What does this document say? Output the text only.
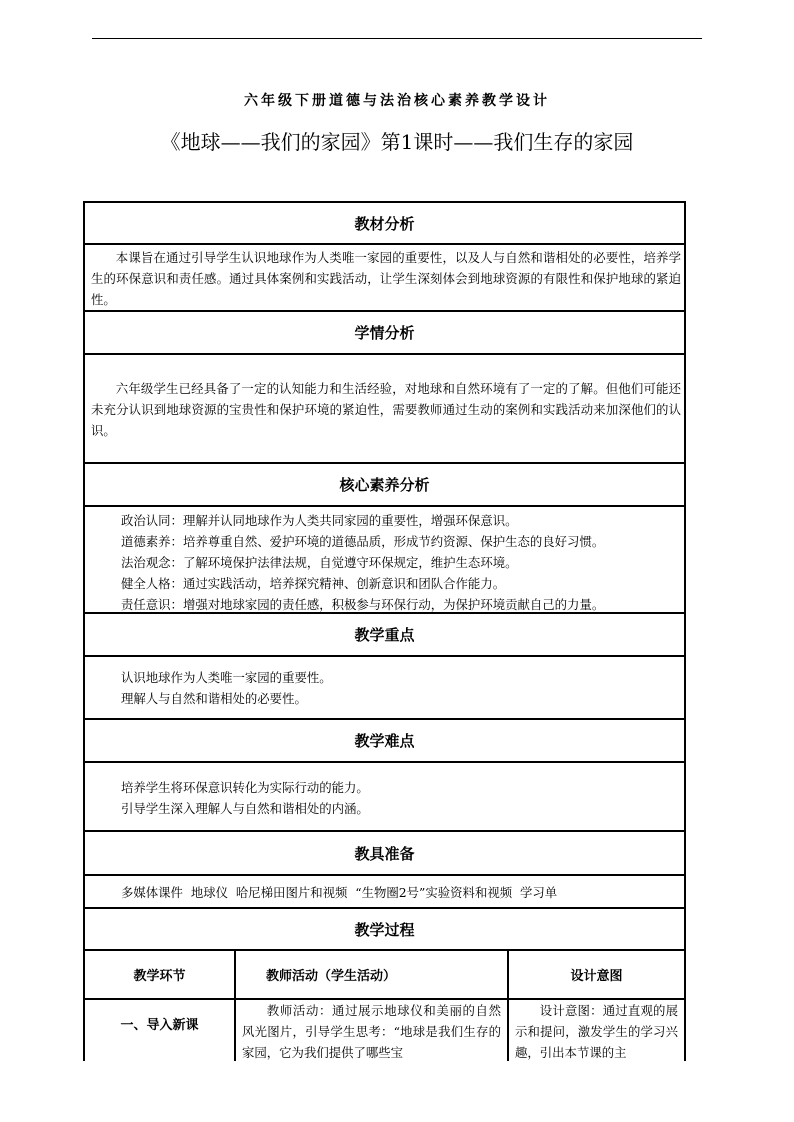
六年级下册道德与法治核心素养教学设计
《地球——我们的家园》第1课时——我们生存的家园
教材分析
本课旨在通过引导学生认识地球作为人类唯一家园的重要性，以及人与自然和谐相处的必要性，培养学生的环保意识和责任感。通过具体案例和实践活动，让学生深刻体会到地球资源的有限性和保护地球的紧迫性。
学情分析
六年级学生已经具备了一定的认知能力和生活经验，对地球和自然环境有了一定的了解。但他们可能还未充分认识到地球资源的宝贵性和保护环境的紧迫性，需要教师通过生动的案例和实践活动来加深他们的认识。
核心素养分析
政治认同：理解并认同地球作为人类共同家园的重要性，增强环保意识。
道德素养：培养尊重自然、爱护环境的道德品质，形成节约资源、保护生态的良好习惯。
法治观念：了解环境保护法律法规，自觉遵守环保规定，维护生态环境。
健全人格：通过实践活动，培养探究精神、创新意识和团队合作能力。
责任意识：增强对地球家园的责任感，积极参与环保行动，为保护环境贡献自己的力量。
教学重点
认识地球作为人类唯一家园的重要性。
理解人与自然和谐相处的必要性。
教学难点
培养学生将环保意识转化为实际行动的能力。
引导学生深入理解人与自然和谐相处的内涵。
教具准备
多媒体课件  地球仪  哈尼梯田图片和视频  “生物圈2号”实验资料和视频  学习单
教学过程
教学环节	教师活动（学生活动）	设计意图
一、导入新课
教师活动：通过展示地球仪和美丽的自然风光图片，引导学生思考：“地球是我们生存的家园，它为我们提供了哪些宝
设计意图：通过直观的展示和提问，激发学生的学习兴趣，引出本节课的主
